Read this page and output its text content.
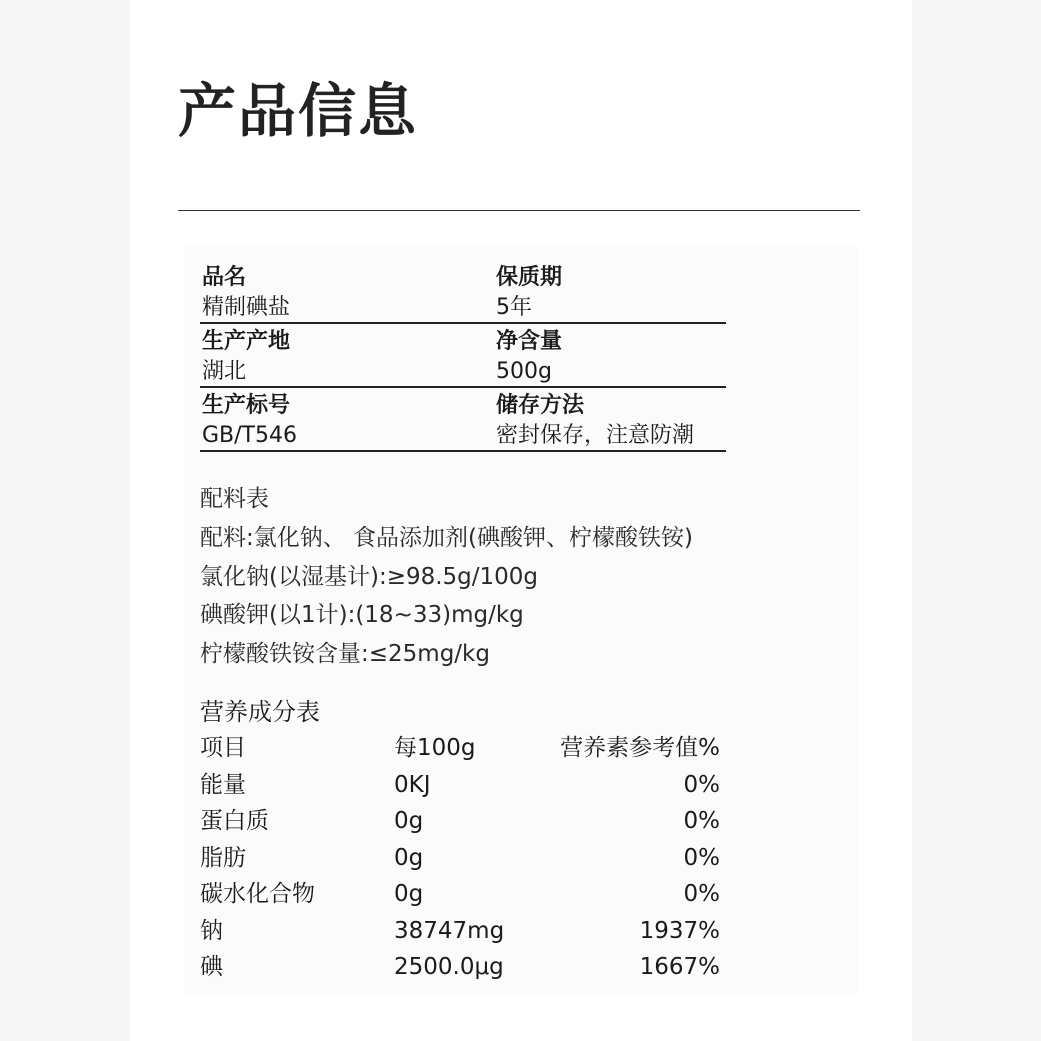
产品信息
品名
精制碘盐
保质期
5年
生产产地
湖北
净含量
500g
生产标号
GB/T546
储存方法
密封保存，注意防潮
配料表
配料:氯化钠、 食品添加剂(碘酸钾、柠檬酸铁铵)
氯化钠(以湿基计):≥98.5g/100g
碘酸钾(以1计):(18~33)mg/kg
柠檬酸铁铵含量:≤25mg/kg
营养成分表
项目	每100g	营养素参考值%
能量	0KJ	0%
蛋白质	0g	0%
脂肪	0g	0%
碳水化合物	0g	0%
钠	38747mg	1937%
碘	2500.0μg	1667%
